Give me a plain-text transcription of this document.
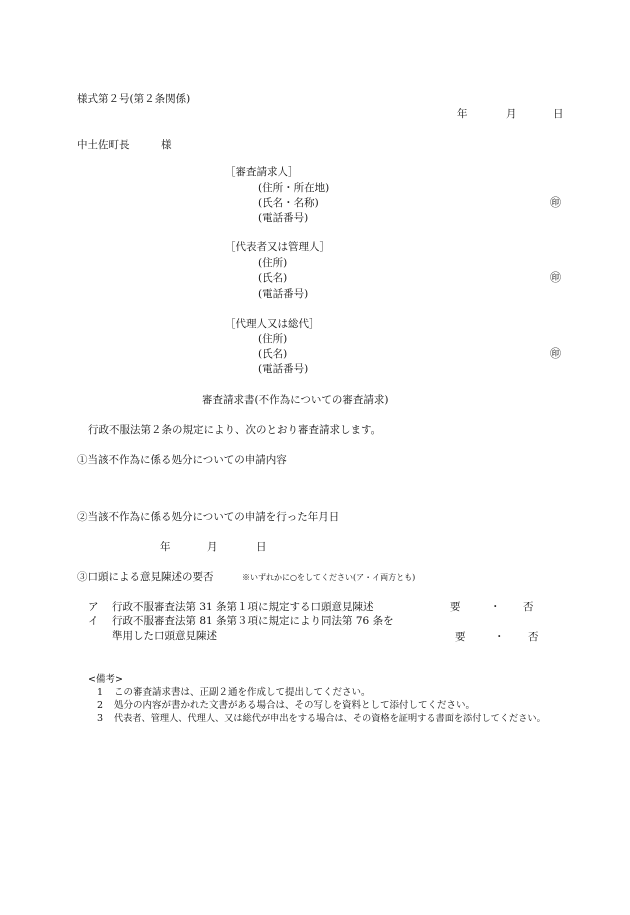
様式第２号(第２条関係)
年	月	日
中土佐町長	様
［審査請求人］
(住所・所在地)
(氏名・名称)	㊞
(電話番号)
［代表者又は管理人］
(住所)
(氏名)	㊞
(電話番号)
［代理人又は総代］
(住所)
(氏名)	㊞
(電話番号)
審査請求書(不作為についての審査請求)
行政不服法第２条の規定により、次のとおり審査請求します。
①当該不作為に係る処分についての申請内容
②当該不作為に係る処分についての申請を行った年月日
年	月	日
③口頭による意見陳述の要否	※いずれかに○をしてください(ア・イ両方とも)
ア 行政不服審査法第 31 条第１項に規定する口頭意見陳述	要	・ 否
イ 行政不服審査法第 81 条第３項に規定により同法第 76 条を
準用した口頭意見陳述	要	・ 否
<備考>
1 この審査請求書は、正副２通を作成して提出してください。
2 処分の内容が書かれた文書がある場合は、その写しを資料として添付してください。
3 代表者、管理人、代理人、又は総代が申出をする場合は、その資格を証明する書面を添付してください。
